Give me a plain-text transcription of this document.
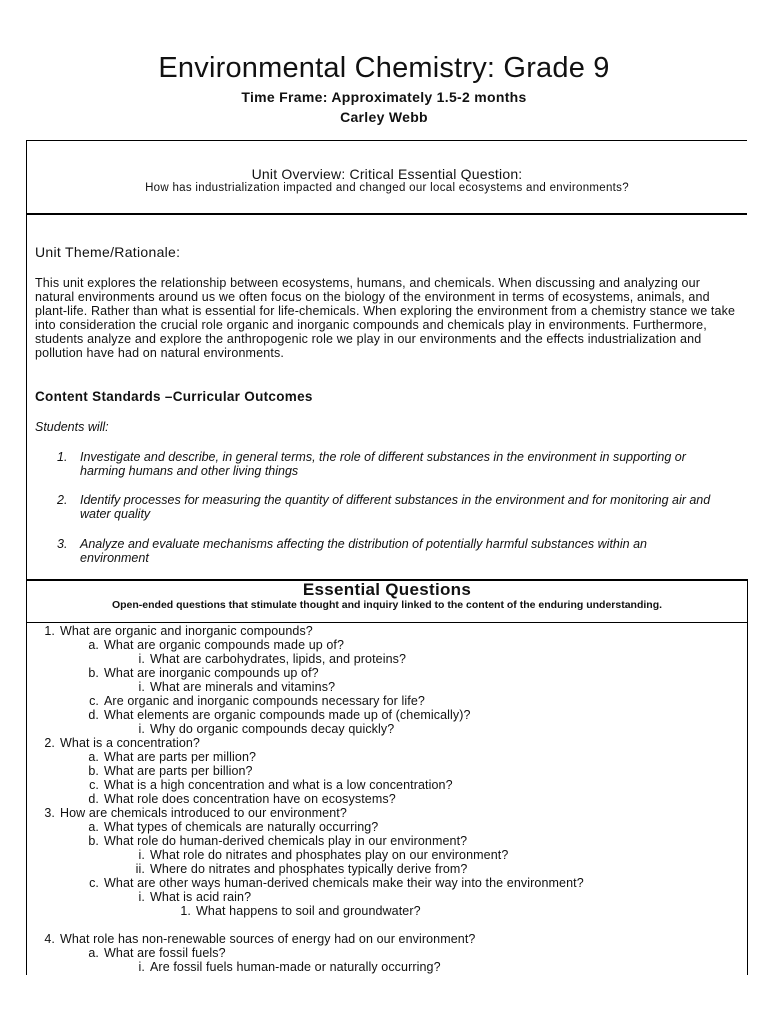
Environmental Chemistry: Grade 9
Time Frame: Approximately 1.5-2 months
Carley Webb
Unit Overview: Critical Essential Question:
How has industrialization impacted and changed our local ecosystems and environments?
Unit Theme/Rationale:
This unit explores the relationship between ecosystems, humans, and chemicals. When discussing and analyzing our natural environments around us we often focus on the biology of the environment in terms of ecosystems, animals, and plant-life. Rather than what is essential for life-chemicals. When exploring the environment from a chemistry stance we take into consideration the crucial role organic and inorganic compounds and chemicals play in environments. Furthermore, students analyze and explore the anthropogenic role we play in our environments and the effects industrialization and pollution have had on natural environments.
Content Standards –Curricular Outcomes
Students will:
1. Investigate and describe, in general terms, the role of different substances in the environment in supporting or harming humans and other living things
2. Identify processes for measuring the quantity of different substances in the environment and for monitoring air and water quality
3. Analyze and evaluate mechanisms affecting the distribution of potentially harmful substances within an environment
Essential Questions
Open-ended questions that stimulate thought and inquiry linked to the content of the enduring understanding.
1. What are organic and inorganic compounds?
a. What are organic compounds made up of?
i. What are carbohydrates, lipids, and proteins?
b. What are inorganic compounds up of?
i. What are minerals and vitamins?
c. Are organic and inorganic compounds necessary for life?
d. What elements are organic compounds made up of (chemically)?
i. Why do organic compounds decay quickly?
2. What is a concentration?
a. What are parts per million?
b. What are parts per billion?
c. What is a high concentration and what is a low concentration?
d. What role does concentration have on ecosystems?
3. How are chemicals introduced to our environment?
a. What types of chemicals are naturally occurring?
b. What role do human-derived chemicals play in our environment?
i. What role do nitrates and phosphates play on our environment?
ii. Where do nitrates and phosphates typically derive from?
c. What are other ways human-derived chemicals make their way into the environment?
i. What is acid rain?
1. What happens to soil and groundwater?
4. What role has non-renewable sources of energy had on our environment?
a. What are fossil fuels?
i. Are fossil fuels human-made or naturally occurring?
